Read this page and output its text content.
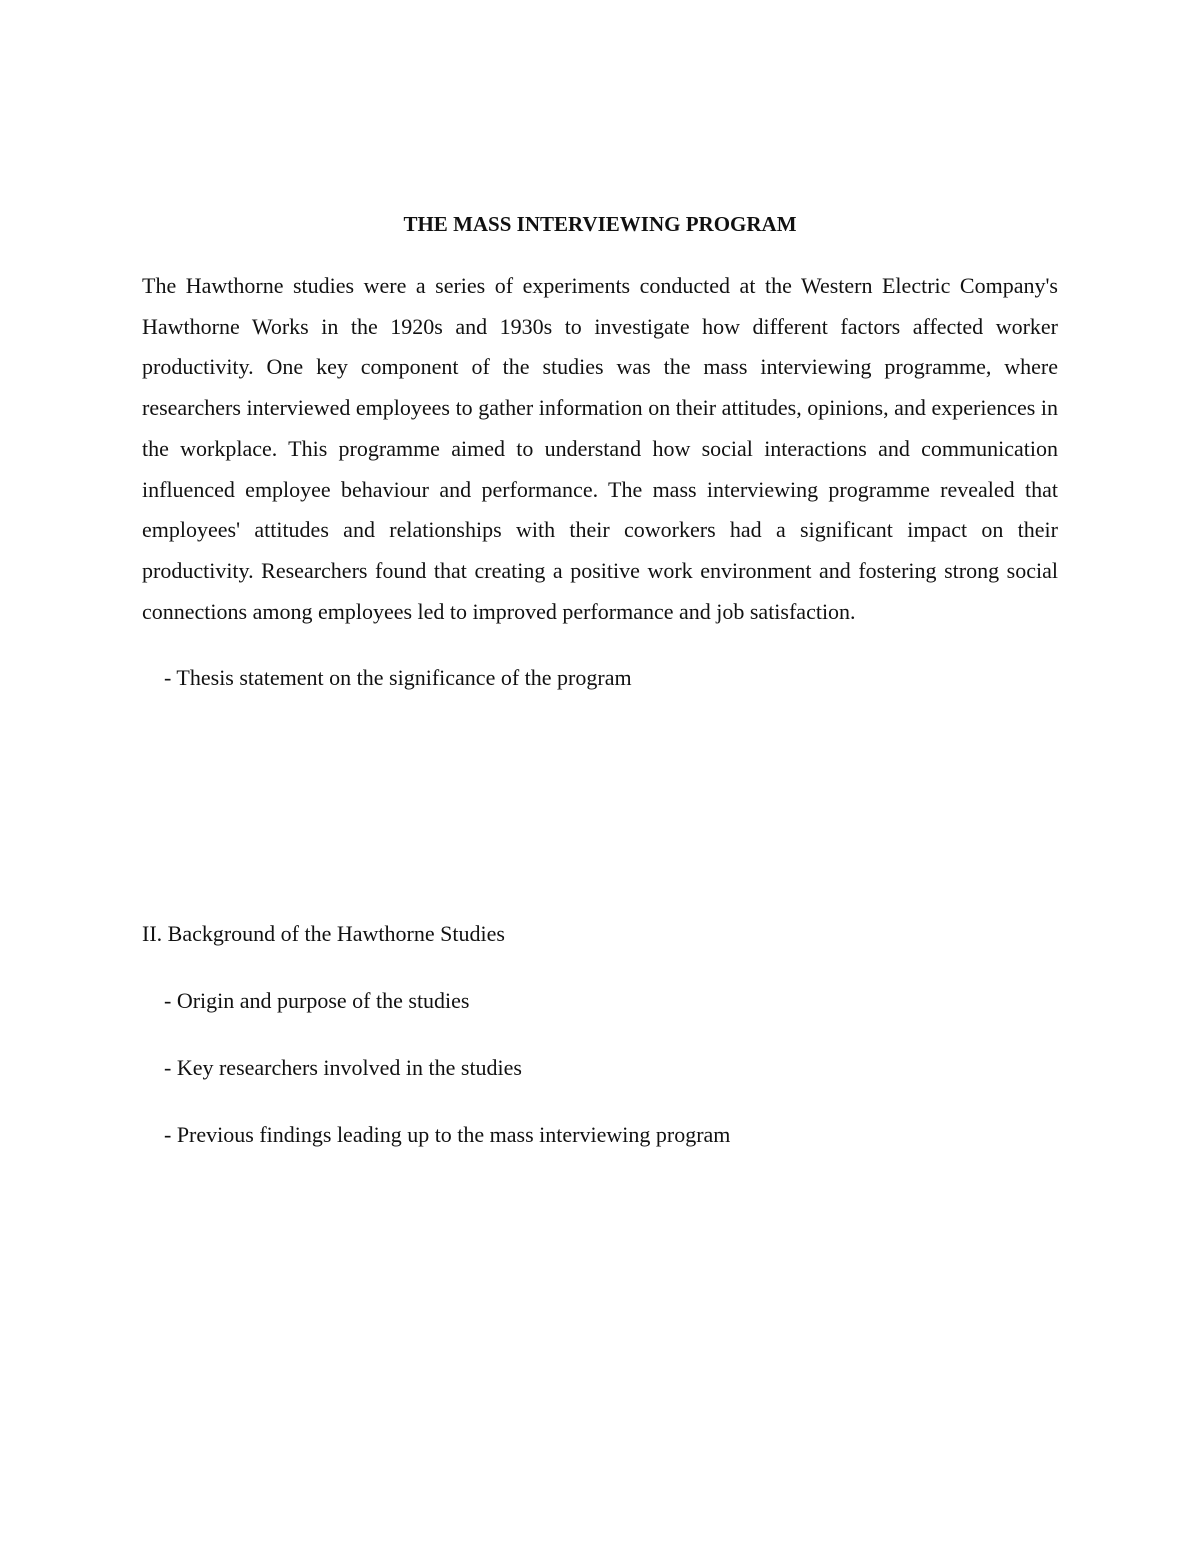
THE MASS INTERVIEWING PROGRAM

The Hawthorne studies were a series of experiments conducted at the Western Electric Company's Hawthorne Works in the 1920s and 1930s to investigate how different factors affected worker productivity. One key component of the studies was the mass interviewing programme, where researchers interviewed employees to gather information on their attitudes, opinions, and experiences in the workplace. This programme aimed to understand how social interactions and communication influenced employee behaviour and performance. The mass interviewing programme revealed that employees' attitudes and relationships with their coworkers had a significant impact on their productivity. Researchers found that creating a positive work environment and fostering strong social connections among employees led to improved performance and job satisfaction.

- Thesis statement on the significance of the program

II. Background of the Hawthorne Studies

- Origin and purpose of the studies

- Key researchers involved in the studies

- Previous findings leading up to the mass interviewing program
